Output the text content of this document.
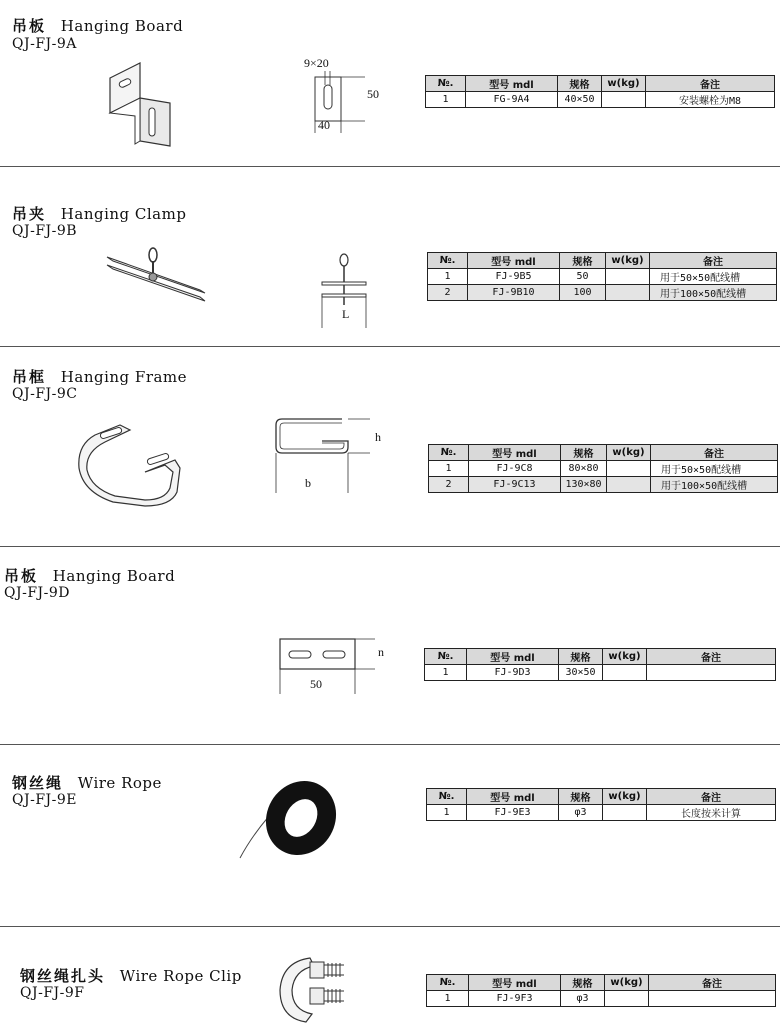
吊板 Hanging Board
QJ-FJ-9A
9×20
50
40
№.	型号 mdl	规格	w(kg)	备注
1	FG-9A4	40×50		安装螺栓为M8
吊夹 Hanging Clamp
QJ-FJ-9B
L
№.	型号 mdl	规格	w(kg)	备注
1	FJ-9B5	50		用于50×50配线槽
2	FJ-9B10	100		用于100×50配线槽
吊框 Hanging Frame
QJ-FJ-9C
h
b
№.	型号 mdl	规格	w(kg)	备注
1	FJ-9C8	80×80		用于50×50配线槽
2	FJ-9C13	130×80		用于100×50配线槽
吊板 Hanging Board
QJ-FJ-9D
n
50
№.	型号 mdl	规格	w(kg)	备注
1	FJ-9D3	30×50		
钢丝绳 Wire Rope
QJ-FJ-9E	№.	型号 mdl	规格	w(kg)	备注
1	FJ-9E3	φ3		长度按米计算
钢丝绳扎头 Wire Rope Clip
QJ-FJ-9F
№.	型号 mdl	规格	w(kg)	备注
1	FJ-9F3	φ3		
